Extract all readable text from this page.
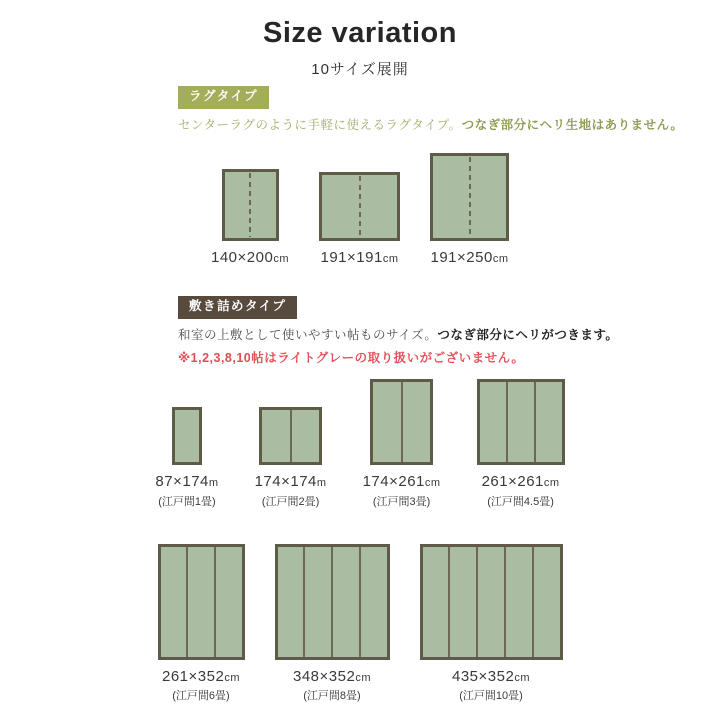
Size variation
10サイズ展開
ラグタイプ

センターラグのように手軽に使えるラグタイプ。つなぎ部分にヘリ生地はありません。

140×200cm 191×191cm 191×250cm
敷き詰めタイプ

和室の上敷として使いやすい帖ものサイズ。つなぎ部分にヘリがつきます。

※1,2,3,8,10帖はライトグレーの取り扱いがございません。

87×174m
(江戸間1畳)
174×174m
(江戸間2畳)
174×261cm
(江戸間3畳)
261×261cm
(江戸間4.5畳)
261×352cm
(江戸間6畳)
348×352cm
(江戸間8畳)
435×352cm
(江戸間10畳)
